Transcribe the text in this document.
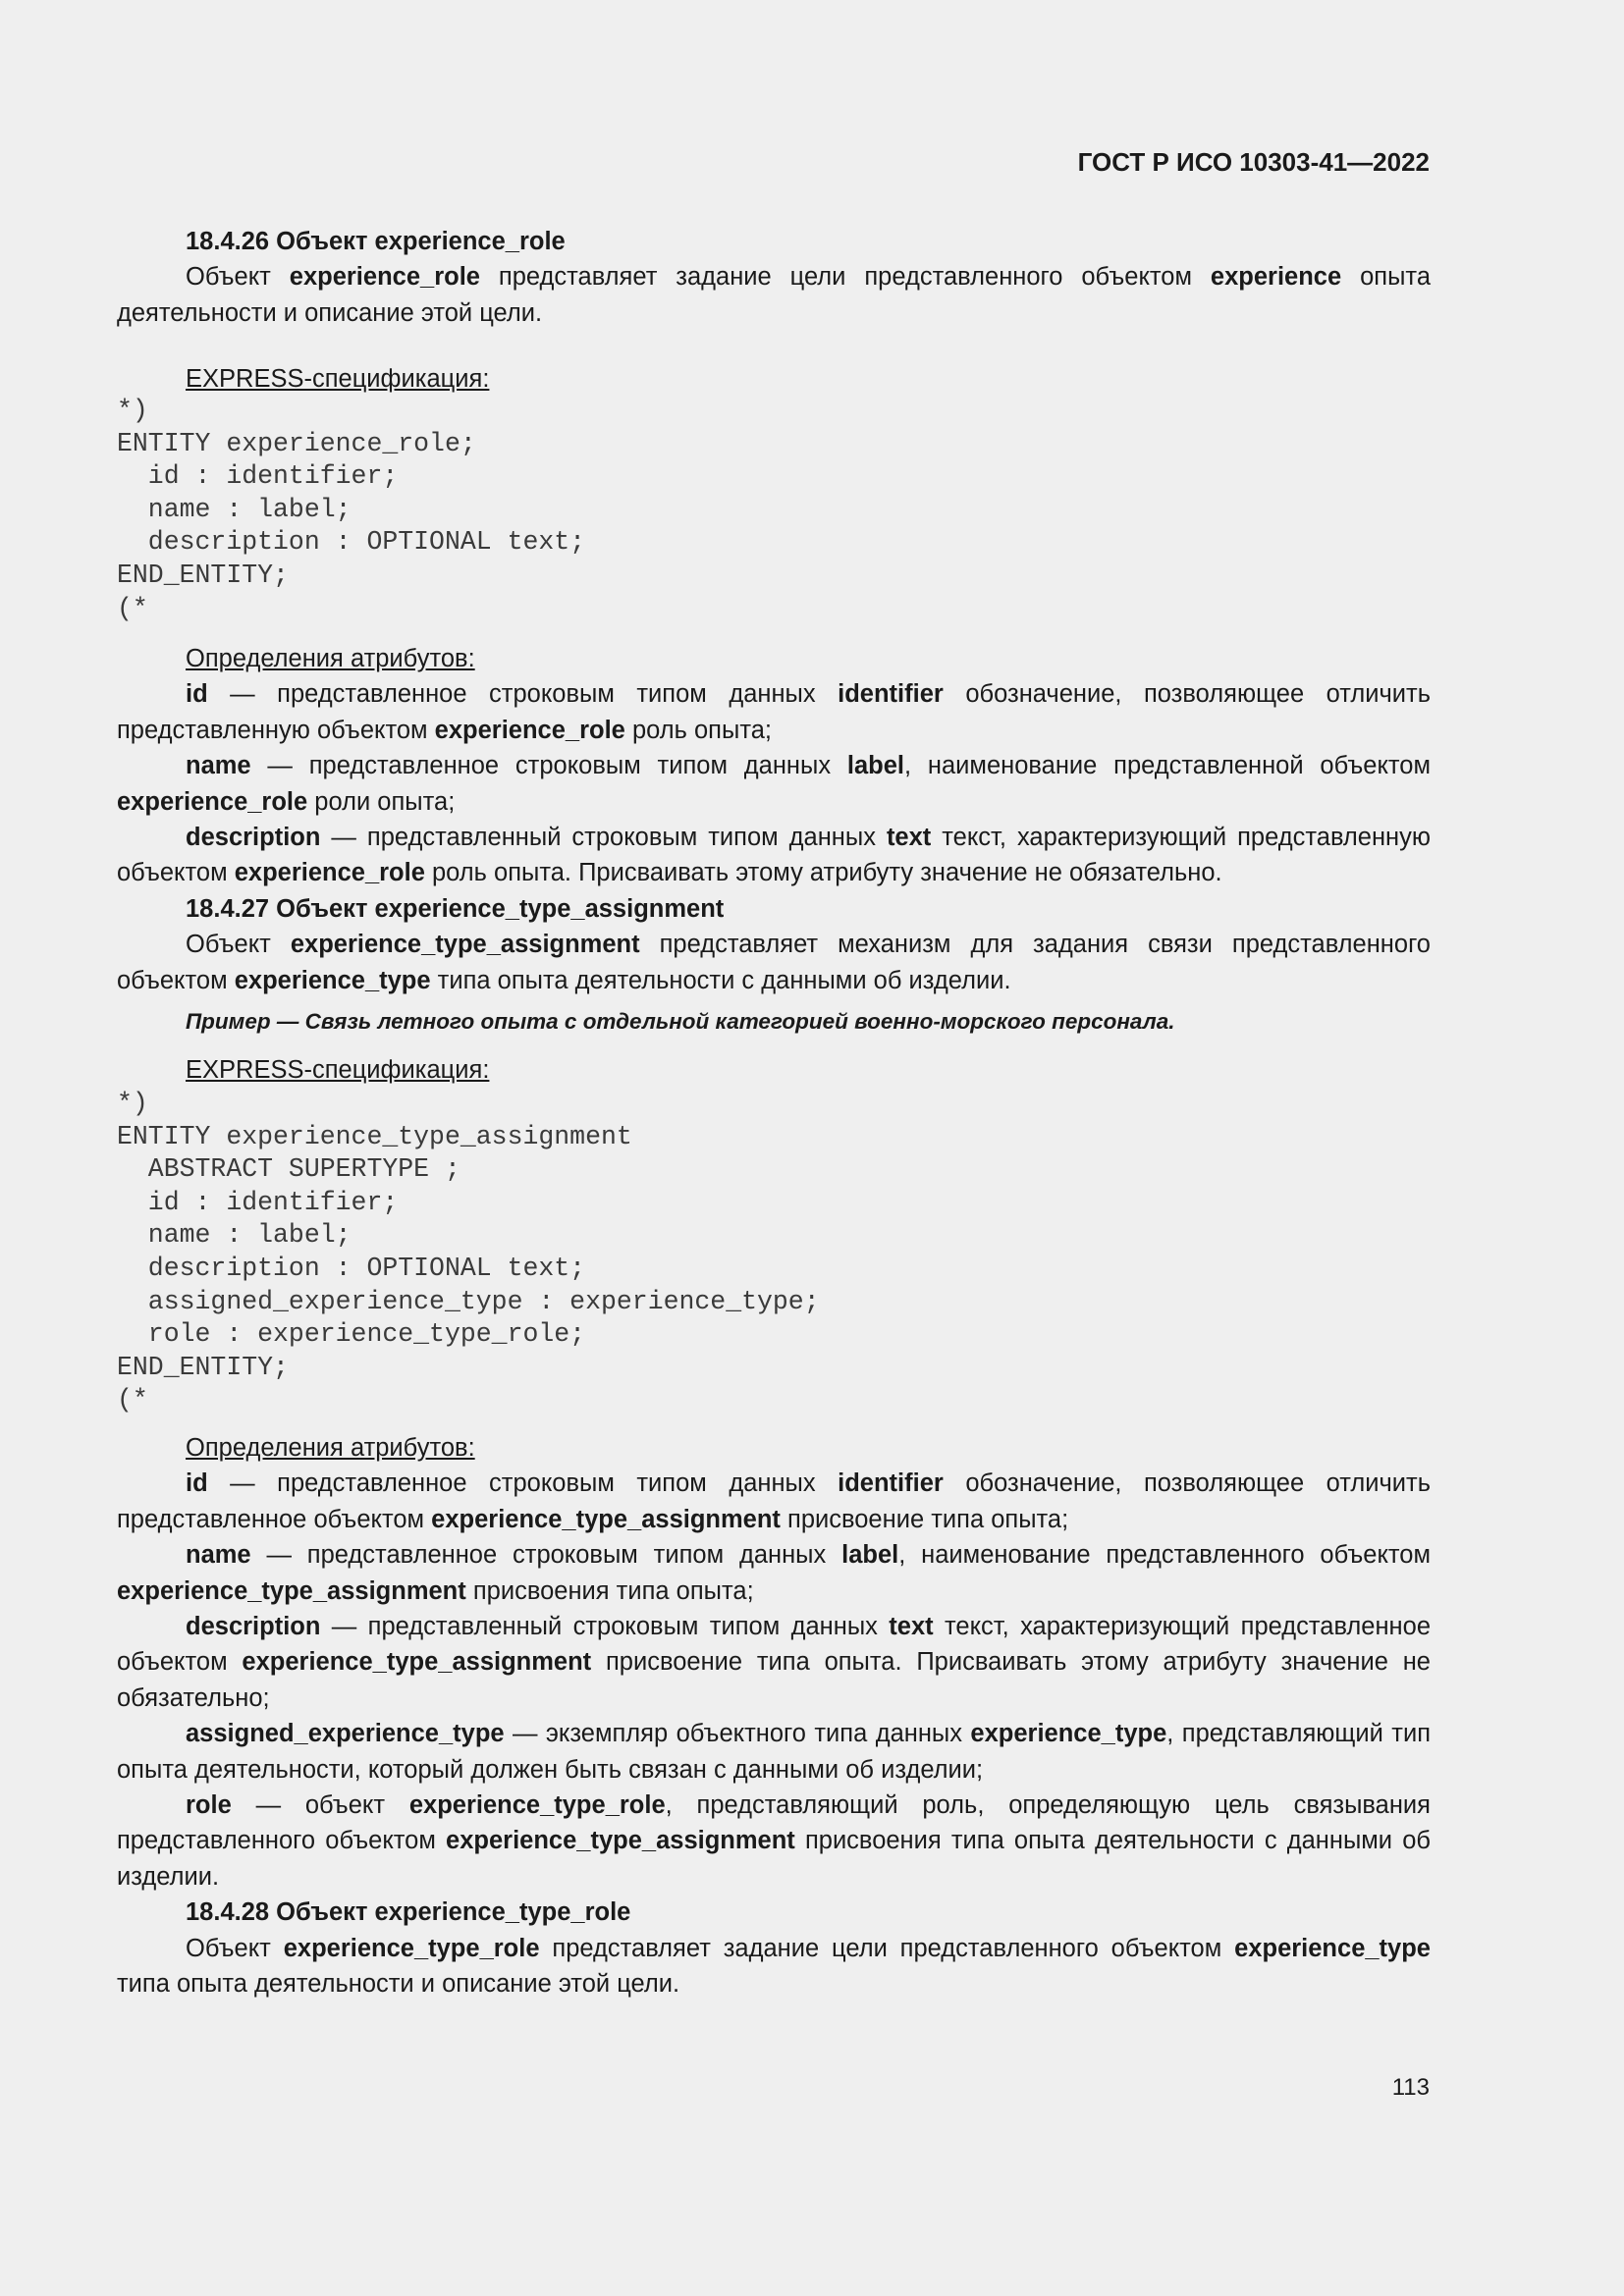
ГОСТ Р ИСО 10303-41—2022

18.4.26 Объект experience_role

Объект experience_role представляет задание цели представленного объектом experience опыта деятельности и описание этой цели.

EXPRESS-спецификация:

*)
ENTITY experience_role;
id : identifier;
name : label;
description : OPTIONAL text;
END_ENTITY;
(*

Определения атрибутов:

id — представленное строковым типом данных identifier обозначение, позволяющее отличить представленную объектом experience_role роль опыта;

name — представленное строковым типом данных label, наименование представленной объектом experience_role роли опыта;

description — представленный строковым типом данных text текст, характеризующий представленную объектом experience_role роль опыта. Присваивать этому атрибуту значение не обязательно.

18.4.27 Объект experience_type_assignment

Объект experience_type_assignment представляет механизм для задания связи представленного объектом experience_type типа опыта деятельности с данными об изделии.

Пример — Связь летного опыта с отдельной категорией военно-морского персонала.

EXPRESS-спецификация:

*)
ENTITY experience_type_assignment
ABSTRACT SUPERTYPE ;
id : identifier;
name : label;
description : OPTIONAL text;
assigned_experience_type : experience_type;
role : experience_type_role;
END_ENTITY;
(*

Определения атрибутов:

id — представленное строковым типом данных identifier обозначение, позволяющее отличить представленное объектом experience_type_assignment присвоение типа опыта;

name — представленное строковым типом данных label, наименование представленного объектом experience_type_assignment присвоения типа опыта;

description — представленный строковым типом данных text текст, характеризующий представленное объектом experience_type_assignment присвоение типа опыта. Присваивать этому атрибуту значение не обязательно;

assigned_experience_type — экземпляр объектного типа данных experience_type, представляющий тип опыта деятельности, который должен быть связан с данными об изделии;

role — объект experience_type_role, представляющий роль, определяющую цель связывания представленного объектом experience_type_assignment присвоения типа опыта деятельности с данными об изделии.

18.4.28 Объект experience_type_role

Объект experience_type_role представляет задание цели представленного объектом experience_type типа опыта деятельности и описание этой цели.

113
